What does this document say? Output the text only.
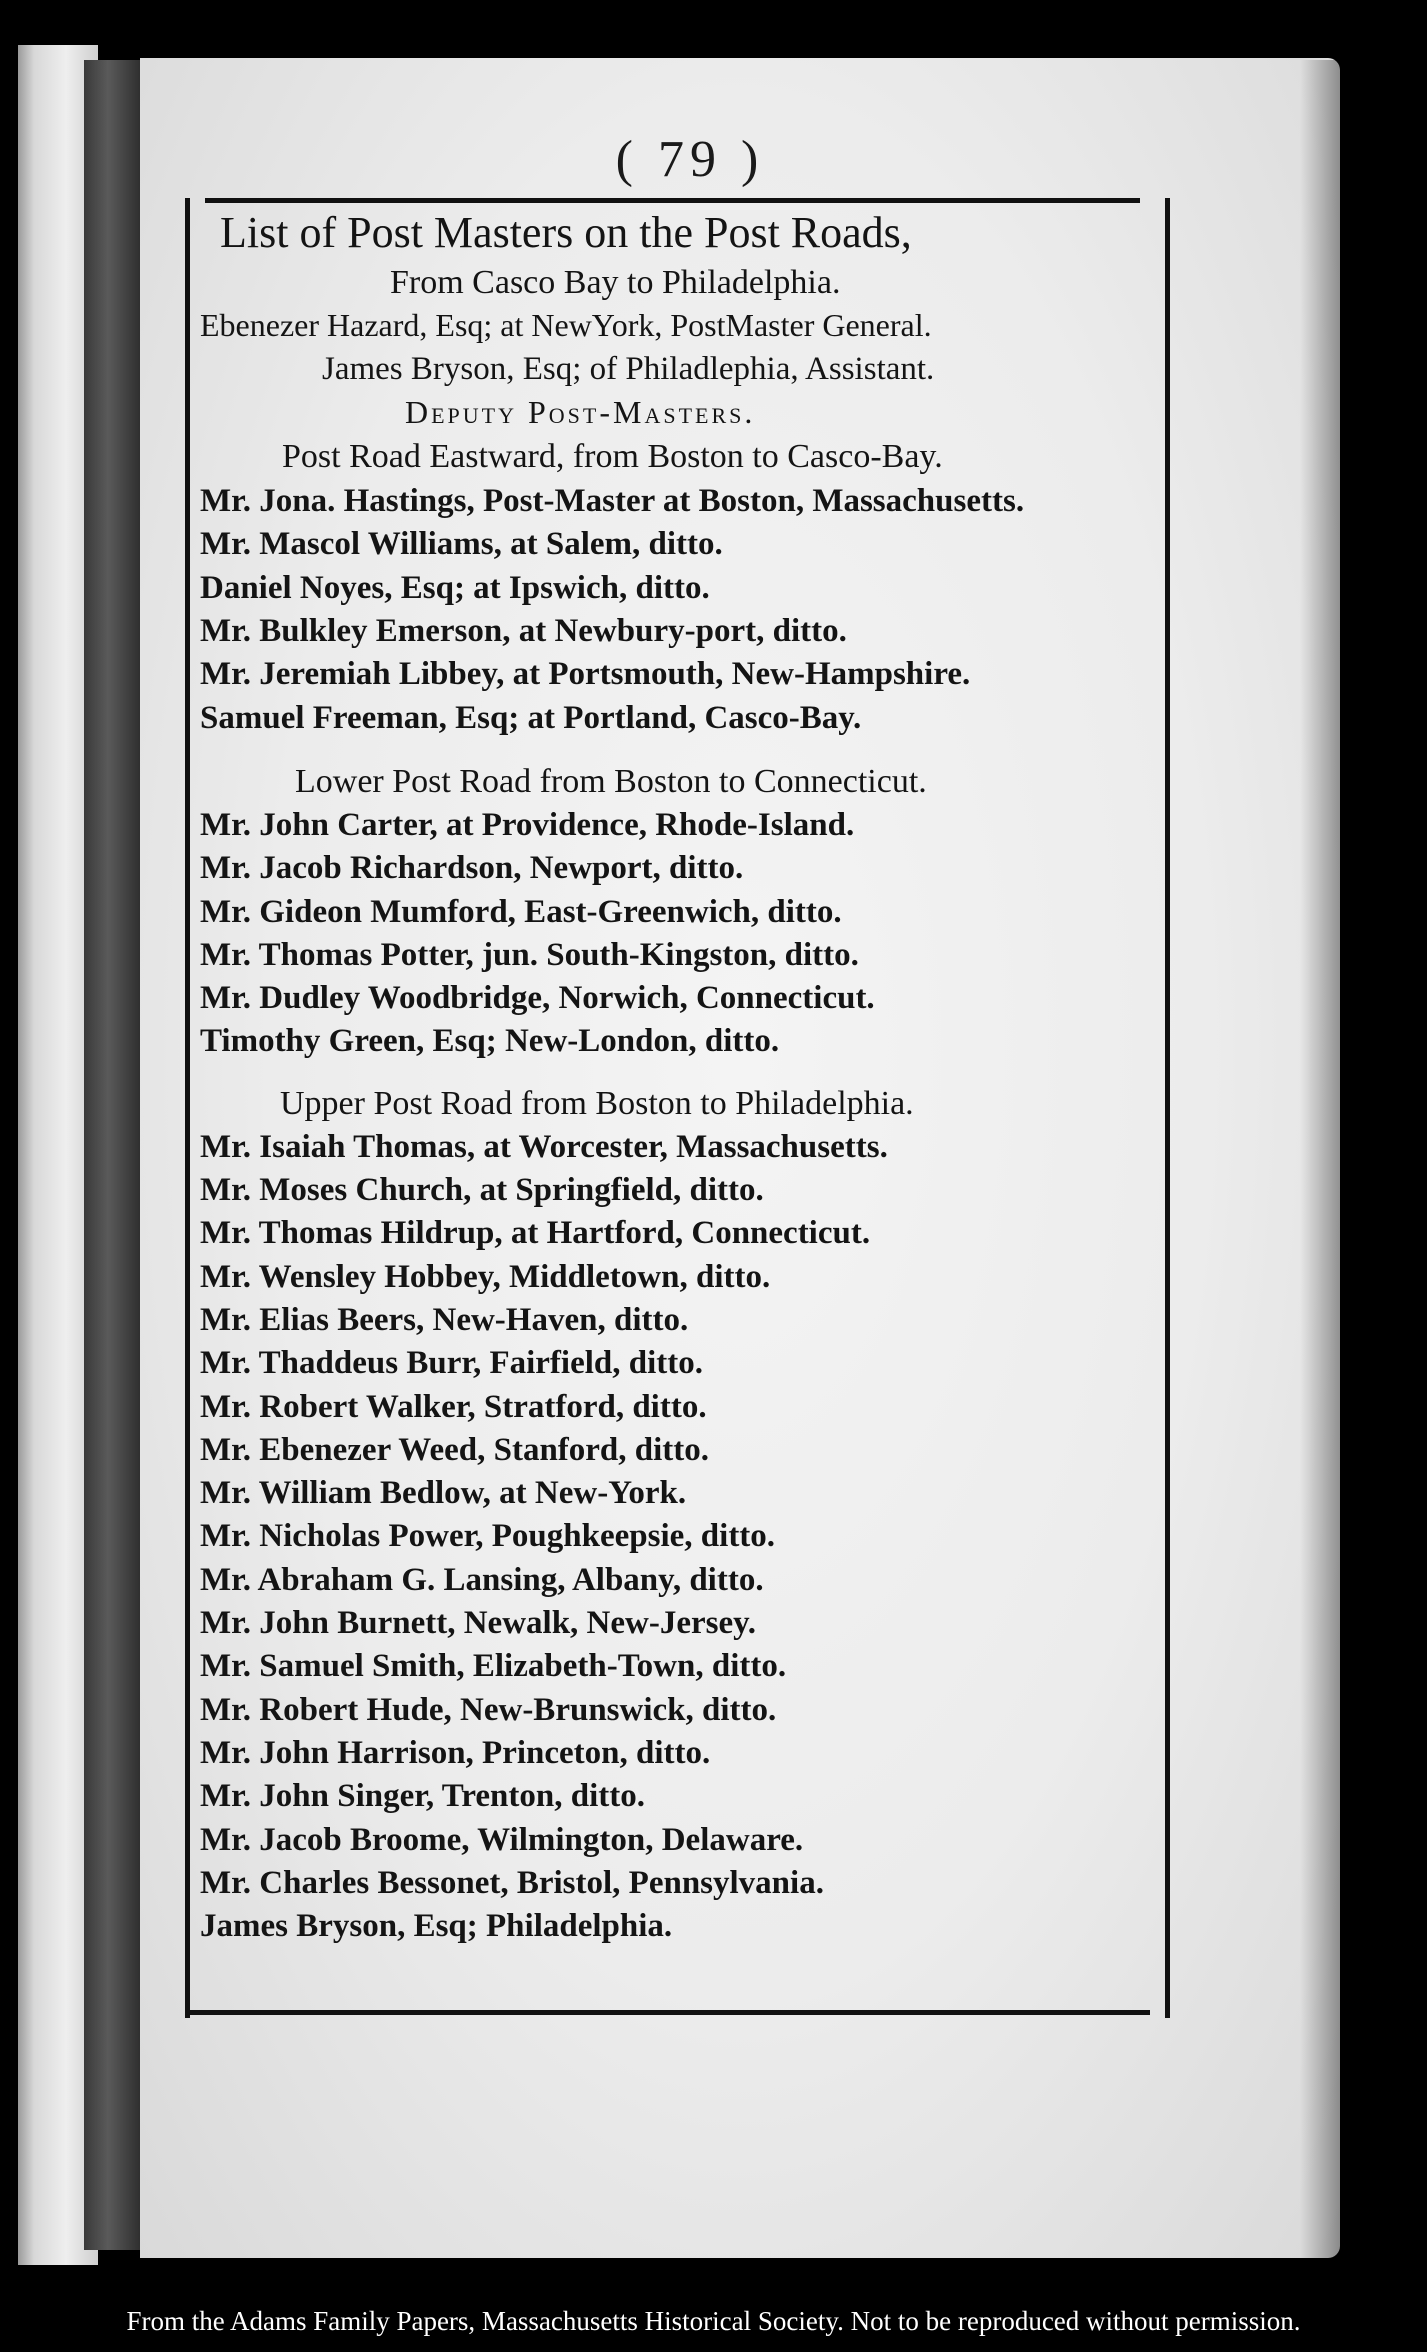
( 79 )
List of Post Masters on the Post Roads,
From Casco Bay to Philadelphia.
Ebenezer Hazard, Esq; at NewYork, PostMaster General.
James Bryson, Esq; of Philadlephia, Assistant.
Deputy Post-Masters.
Post Road Eastward, from Boston to Casco-Bay.
Mr. Jona. Hastings, Post-Master at Boston, Massachusetts.
Mr. Mascol Williams, at Salem, ditto.
Daniel Noyes, Esq; at Ipswich, ditto.
Mr. Bulkley Emerson, at Newbury-port, ditto.
Mr. Jeremiah Libbey, at Portsmouth, New-Hampshire.
Samuel Freeman, Esq; at Portland, Casco-Bay.
Lower Post Road from Boston to Connecticut.
Mr. John Carter, at Providence, Rhode-Island.
Mr. Jacob Richardson, Newport, ditto.
Mr. Gideon Mumford, East-Greenwich, ditto.
Mr. Thomas Potter, jun. South-Kingston, ditto.
Mr. Dudley Woodbridge, Norwich, Connecticut.
Timothy Green, Esq; New-London, ditto.
Upper Post Road from Boston to Philadelphia.
Mr. Isaiah Thomas, at Worcester, Massachusetts.
Mr. Moses Church, at Springfield, ditto.
Mr. Thomas Hildrup, at Hartford, Connecticut.
Mr. Wensley Hobbey, Middletown, ditto.
Mr. Elias Beers, New-Haven, ditto.
Mr. Thaddeus Burr, Fairfield, ditto.
Mr. Robert Walker, Stratford, ditto.
Mr. Ebenezer Weed, Stanford, ditto.
Mr. William Bedlow, at New-York.
Mr. Nicholas Power, Poughkeepsie, ditto.
Mr. Abraham G. Lansing, Albany, ditto.
Mr. John Burnett, Newalk, New-Jersey.
Mr. Samuel Smith, Elizabeth-Town, ditto.
Mr. Robert Hude, New-Brunswick, ditto.
Mr. John Harrison, Princeton, ditto.
Mr. John Singer, Trenton, ditto.
Mr. Jacob Broome, Wilmington, Delaware.
Mr. Charles Bessonet, Bristol, Pennsylvania.
James Bryson, Esq; Philadelphia.
From the Adams Family Papers, Massachusetts Historical Society. Not to be reproduced without permission.
